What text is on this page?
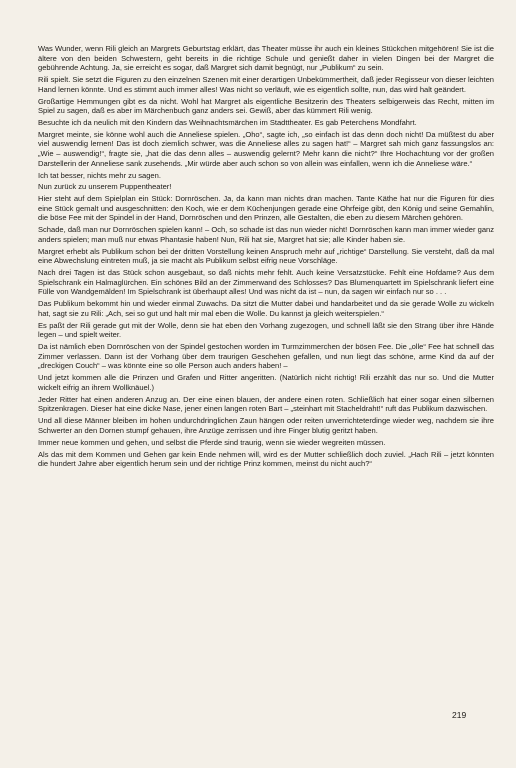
Was Wunder, wenn Rili gleich an Margrets Geburtstag erklärt, das Theater müsse ihr auch ein kleines Stückchen mitgehören! Sie ist die ältere von den beiden Schwestern, geht bereits in die richtige Schule und genießt daher in vielen Dingen bei der Margret die gebührende Achtung. Ja, sie erreicht es sogar, daß Margret sich damit begnügt, nur „Publikum“ zu sein.

Rili spielt. Sie setzt die Figuren zu den einzelnen Szenen mit einer derartigen Unbekümmertheit, daß jeder Regisseur von dieser leichten Hand lernen könnte. Und es stimmt auch immer alles! Was nicht so verläuft, wie es eigentlich sollte, nun, das wird halt geändert.

Großartige Hemmungen gibt es da nicht. Wohl hat Margret als eigentliche Besitzerin des Theaters selbigerweis das Recht, mitten im Spiel zu sagen, daß es aber im Märchenbuch ganz anders sei. Gewiß, aber das kümmert Rili wenig.

Besuchte ich da neulich mit den Kindern das Weihnachtsmärchen im Stadttheater. Es gab Peterchens Mondfahrt.

Margret meinte, sie könne wohl auch die Anneliese spielen. „Oho“, sagte ich, „so einfach ist das denn doch nicht! Da müßtest du aber viel auswendig lernen! Das ist doch ziemlich schwer, was die Anneliese alles zu sagen hat!“ – Margret sah mich ganz fassungslos an: „Wie – auswendig!“, fragte sie, „hat die das denn alles – auswendig gelernt? Mehr kann die nicht?“ Ihre Hochachtung vor der großen Darstellerin der Anneliese sank zusehends. „Mir würde aber auch schon so von allein was einfallen, wenn ich die Anneliese wäre.“

Ich tat besser, nichts mehr zu sagen.

Nun zurück zu unserem Puppentheater!

Hier steht auf dem Spielplan ein Stück: Dornröschen. Ja, da kann man nichts dran machen. Tante Käthe hat nur die Figuren für dies eine Stück gemalt und ausgeschnitten: den Koch, wie er dem Küchenjungen gerade eine Ohrfeige gibt, den König und seine Gemahlin, die böse Fee mit der Spindel in der Hand, Dornröschen und den Prinzen, alle Gestalten, die eben zu diesem Märchen gehören.

Schade, daß man nur Dornröschen spielen kann! – Och, so schade ist das nun wieder nicht! Dornröschen kann man immer wieder ganz anders spielen; man muß nur etwas Phantasie haben! Nun, Rili hat sie, Margret hat sie; alle Kinder haben sie.

Margret erhebt als Publikum schon bei der dritten Vorstellung keinen Anspruch mehr auf „richtige“ Darstellung. Sie versteht, daß da mal eine Abwechslung eintreten muß, ja sie macht als Publikum selbst eifrig neue Vorschläge.

Nach drei Tagen ist das Stück schon ausgebaut, so daß nichts mehr fehlt. Auch keine Versatzstücke. Fehlt eine Hofdame? Aus dem Spielschrank ein Halmaglürchen. Ein schönes Bild an der Zimmerwand des Schlosses? Das Blumenquartett im Spielschrank liefert eine Fülle von Wandgemälden! Im Spielschrank ist überhaupt alles! Und was nicht da ist – nun, da sagen wir einfach nur so . . .

Das Publikum bekommt hin und wieder einmal Zuwachs. Da sitzt die Mutter dabei und handarbeitet und da sie gerade Wolle zu wickeln hat, sagt sie zu Rili: „Ach, sei so gut und halt mir mal eben die Wolle. Du kannst ja gleich weiterspielen.“

Es paßt der Rili gerade gut mit der Wolle, denn sie hat eben den Vorhang zugezogen, und schnell läßt sie den Strang über ihre Hände legen – und spielt weiter.

Da ist nämlich eben Dornröschen von der Spindel gestochen worden im Turmzimmerchen der bösen Fee. Die „olle“ Fee hat schnell das Zimmer verlassen. Dann ist der Vorhang über dem traurigen Geschehen gefallen, und nun liegt das schöne, arme Kind da auf der „dreckigen Couch“ – was könnte eine so olle Person auch anders haben! –

Und jetzt kommen alle die Prinzen und Grafen und Ritter angeritten. (Natürlich nicht richtig! Rili erzählt das nur so. Und die Mutter wickelt eifrig an ihrem Wollknäuel.)

Jeder Ritter hat einen anderen Anzug an. Der eine einen blauen, der andere einen roten. Schließlich hat einer sogar einen silbernen Spitzenkragen. Dieser hat eine dicke Nase, jener einen langen roten Bart – „steinhart mit Stacheldraht!“ ruft das Publikum dazwischen.

Und all diese Männer bleiben im hohen undurchdringlichen Zaun hängen oder reiten unverrichteterdinge wieder weg, nachdem sie ihre Schwerter an den Dornen stumpf gehauen, ihre Anzüge zerrissen und ihre Finger blutig geritzt haben.

Immer neue kommen und gehen, und selbst die Pferde sind traurig, wenn sie wieder wegreiten müssen.

Als das mit dem Kommen und Gehen gar kein Ende nehmen will, wird es der Mutter schließlich doch zuviel. „Hach Rili – jetzt könnten die hundert Jahre aber eigentlich herum sein und der richtige Prinz kommen, meinst du nicht auch?“

219
